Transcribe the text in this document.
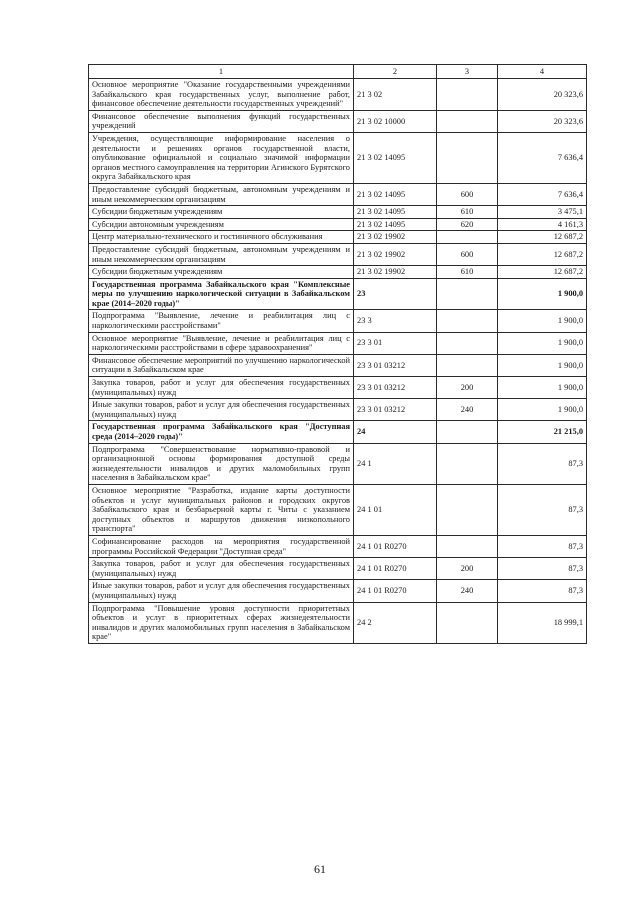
1	2	3	4
Основное мероприятие "Оказание государственными учреждениями Забайкальского края государственных услуг, выполнение работ, финансовое обеспечение деятельности государственных учреждений"	21 3 02		20 323,6
Финансовое обеспечение выполнения функций государственных учреждений	21 3 02 10000		20 323,6
Учреждения, осуществляющие информирование населения о деятельности и решениях органов государственной власти, опубликование официальной и социально значимой информации органов местного самоуправления на территории Агинского Бурятского округа Забайкальского края	21 3 02 14095		7 636,4
Предоставление субсидий бюджетным, автономным учреждениям и иным некоммерческим организациям	21 3 02 14095	600	7 636,4
Субсидии бюджетным учреждениям	21 3 02 14095	610	3 475,1
Субсидии автономным учреждениям	21 3 02 14095	620	4 161,3
Центр материально-технического и гостиничного обслуживания	21 3 02 19902		12 687,2
Предоставление субсидий бюджетным, автономным учреждениям и иным некоммерческим организациям	21 3 02 19902	600	12 687,2
Субсидии бюджетным учреждениям	21 3 02 19902	610	12 687,2
Государственная программа Забайкальского края "Комплексные меры по улучшению наркологической ситуации в Забайкальском крае (2014–2020 годы)"	23		1 900,0
Подпрограмма "Выявление, лечение и реабилитация лиц с наркологическими расстройствами"	23 3		1 900,0
Основное мероприятие "Выявление, лечение и реабилитация лиц с наркологическими расстройствами в сфере здравоохранения"	23 3 01		1 900,0
Финансовое обеспечение мероприятий по улучшению наркологической ситуации в Забайкальском крае	23 3 01 03212		1 900,0
Закупка товаров, работ и услуг для обеспечения государственных (муниципальных) нужд	23 3 01 03212	200	1 900,0
Иные закупки товаров, работ и услуг для обеспечения государственных (муниципальных) нужд	23 3 01 03212	240	1 900,0
Государственная программа Забайкальского края "Доступная среда (2014–2020 годы)"	24		21 215,0
Подпрограмма "Совершенствование нормативно-правовой и организационной основы формирования доступной среды жизнедеятельности инвалидов и других маломобильных групп населения в Забайкальском крае"	24 1		87,3
Основное мероприятие "Разработка, издание карты доступности объектов и услуг муниципальных районов и городских округов Забайкальского края и безбарьерной карты г. Читы с указанием доступных объектов и маршрутов движения низкопольного транспорта"	24 1 01		87,3
Софинансирование расходов на мероприятия государственной программы Российской Федерации "Доступная среда"	24 1 01 R0270		87,3
Закупка товаров, работ и услуг для обеспечения государственных (муниципальных) нужд	24 1 01 R0270	200	87,3
Иные закупки товаров, работ и услуг для обеспечения государственных (муниципальных) нужд	24 1 01 R0270	240	87,3
Подпрограмма "Повышение уровня доступности приоритетных объектов и услуг в приоритетных сферах жизнедеятельности инвалидов и других маломобильных групп населения в Забайкальском крае"	24 2		18 999,1
61
